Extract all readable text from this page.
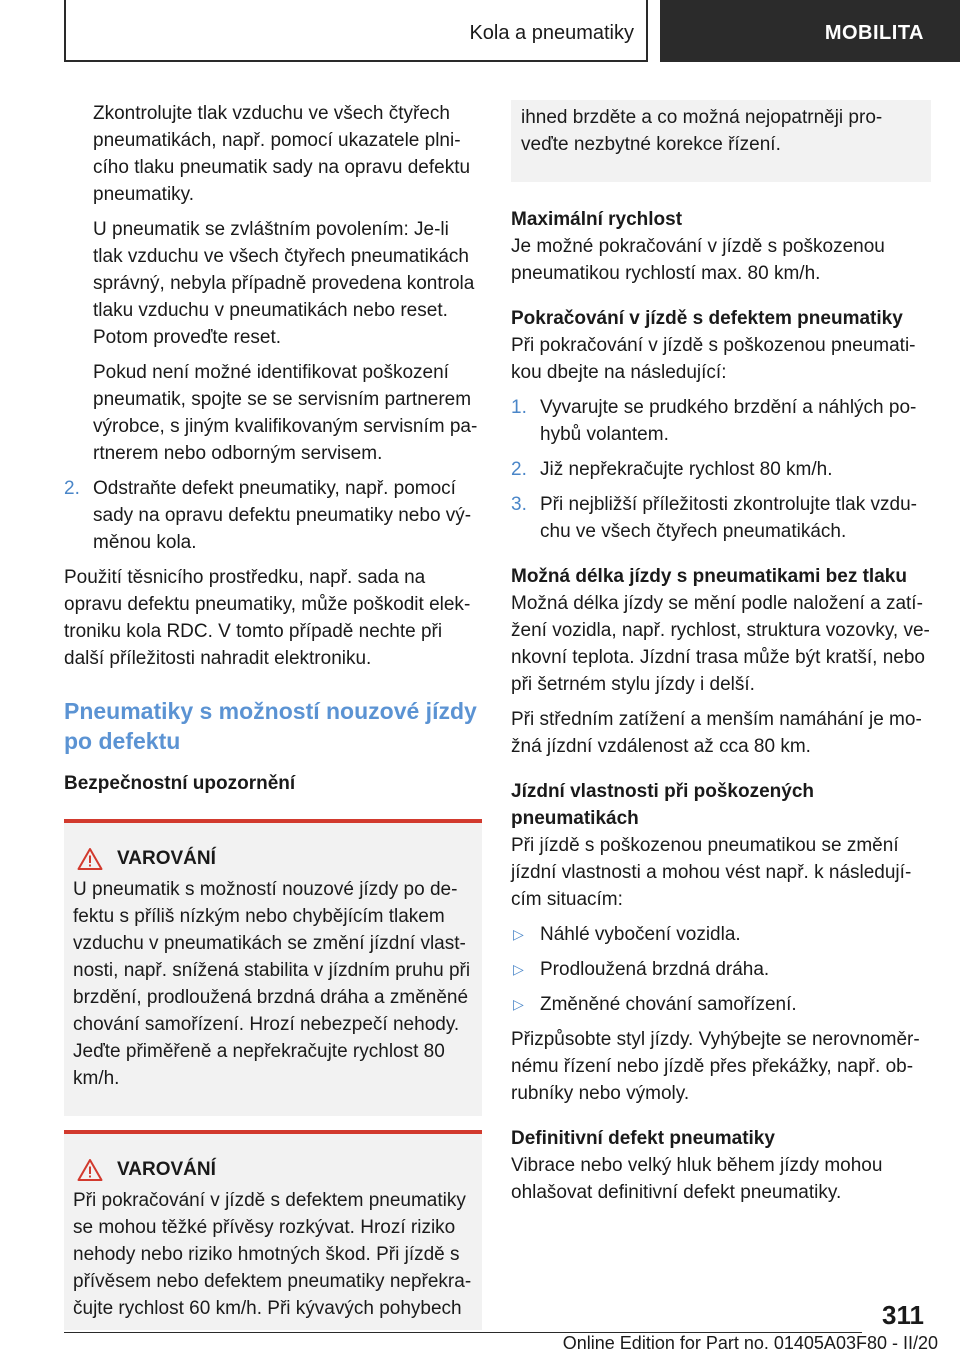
Kola a pneumatiky	MOBILITA

Zkontrolujte tlak vzduchu ve všech čtyřech pneumatikách, např. pomocí ukazatele plnicího tlaku pneumatik sady na opravu defektu pneumatiky.

U pneumatik se zvláštním povolením: Je-li tlak vzduchu ve všech čtyřech pneumatikách správný, nebyla případně provedena kontrola tlaku vzduchu v pneumatikách nebo reset. Potom proveďte reset.

Pokud není možné identifikovat poškození pneumatik, spojte se se servisním partnerem výrobce, s jiným kvalifikovaným servisním partnerem nebo odborným servisem.

2. Odstraňte defekt pneumatiky, např. pomocí sady na opravu defektu pneumatiky nebo výměnou kola.

Použití těsnicího prostředku, např. sada na opravu defektu pneumatiky, může poškodit elektroniku kola RDC. V tomto případě nechte při další příležitosti nahradit elektroniku.

Pneumatiky s možností nouzové jízdy po defektu

Bezpečnostní upozornění

VAROVÁNÍ

U pneumatik s možností nouzové jízdy po defektu s příliš nízkým nebo chybějícím tlakem vzduchu v pneumatikách se změní jízdní vlastnosti, např. snížená stabilita v jízdním pruhu při brzdění, prodloužená brzdná dráha a změněné chování samořízení. Hrozí nebezpečí nehody. Jeďte přiměřeně a nepřekračujte rychlost 80 km/h.

VAROVÁNÍ

Při pokračování v jízdě s defektem pneumatiky se mohou těžké přívěsy rozkývat. Hrozí riziko nehody nebo riziko hmotných škod. Při jízdě s přívěsem nebo defektem pneumatiky nepřekračujte rychlost 60 km/h. Při kývavých pohybech

ihned brzděte a co možná nejopatrněji proveďte nezbytné korekce řízení.

Maximální rychlost

Je možné pokračování v jízdě s poškozenou pneumatikou rychlostí max. 80 km/h.

Pokračování v jízdě s defektem pneumatiky

Při pokračování v jízdě s poškozenou pneumatikou dbejte na následující:

1. Vyvarujte se prudkého brzdění a náhlých pohybů volantem.
2. Již nepřekračujte rychlost 80 km/h.
3. Při nejbližší příležitosti zkontrolujte tlak vzduchu ve všech čtyřech pneumatikách.

Možná délka jízdy s pneumatikami bez tlaku

Možná délka jízdy se mění podle naložení a zatížení vozidla, např. rychlost, struktura vozovky, venkovní teplota. Jízdní trasa může být kratší, nebo při šetrném stylu jízdy i delší.

Při středním zatížení a menším namáhání je možná jízdní vzdálenost až cca 80 km.

Jízdní vlastnosti při poškozených pneumatikách

Při jízdě s poškozenou pneumatikou se změní jízdní vlastnosti a mohou vést např. k následujícím situacím:

▷ Náhlé vybočení vozidla.
▷ Prodloužená brzdná dráha.
▷ Změněné chování samořízení.

Přizpůsobte styl jízdy. Vyhýbejte se nerovnoměrnému řízení nebo jízdě přes překážky, např. obrubníky nebo výmoly.

Definitivní defekt pneumatiky

Vibrace nebo velký hluk během jízdy mohou ohlašovat definitivní defekt pneumatiky.

311
Online Edition for Part no. 01405A03F80 - II/20
